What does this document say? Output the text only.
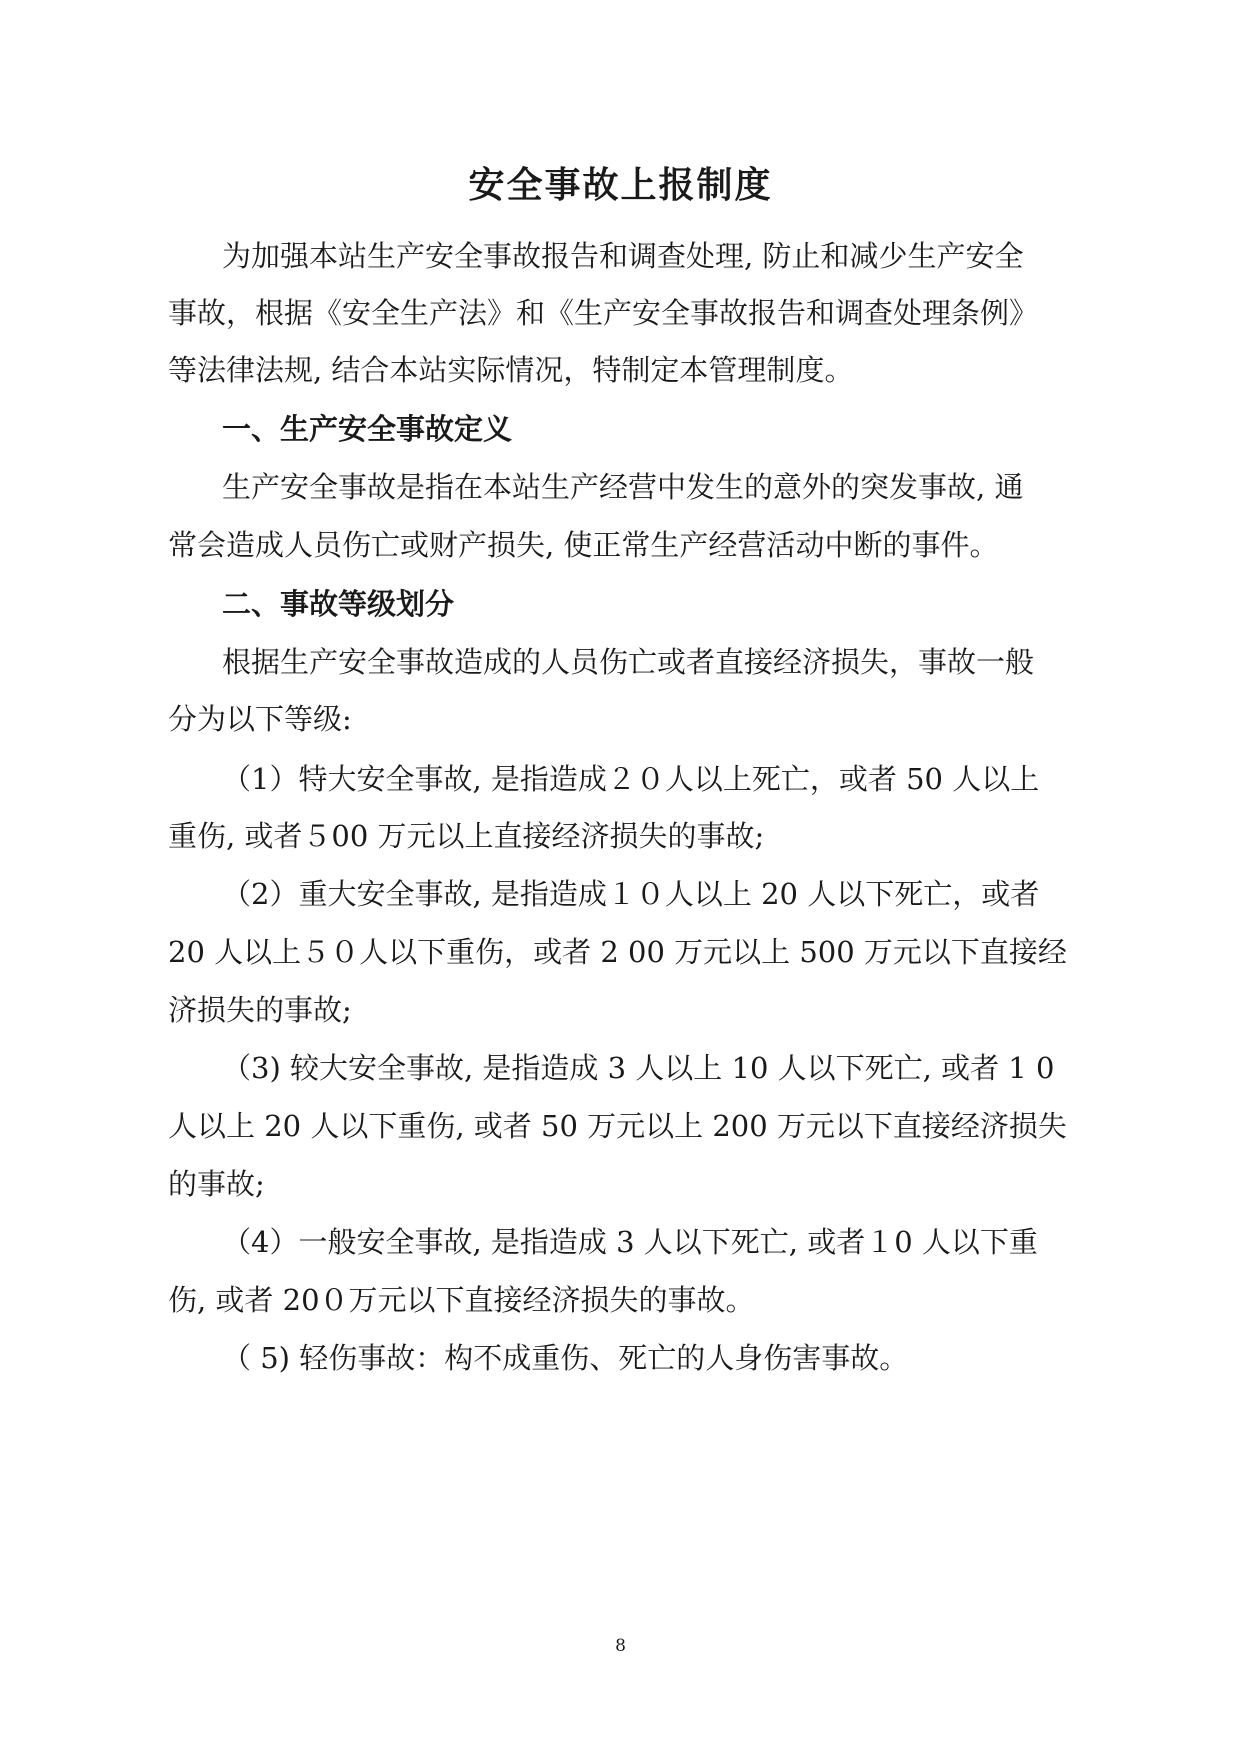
安全事故上报制度

为加强本站生产安全事故报告和调查处理, 防止和减少生产安全

事故，根据《安全生产法》和《生产安全事故报告和调查处理条例》

等法律法规, 结合本站实际情况，特制定本管理制度。

一、生产安全事故定义

生产安全事故是指在本站生产经营中发生的意外的突发事故, 通

常会造成人员伤亡或财产损失, 使正常生产经营活动中断的事件。

二、事故等级划分

根据生产安全事故造成的人员伤亡或者直接经济损失，事故一般

分为以下等级:

（1）特大安全事故, 是指造成２０人以上死亡，或者 50 人以上

重伤, 或者５00 万元以上直接经济损失的事故;

（2）重大安全事故, 是指造成１０人以上 20 人以下死亡，或者

20 人以上５０人以下重伤，或者 2 00 万元以上 500 万元以下直接经

济损失的事故;

（3) 较大安全事故, 是指造成 3 人以上 10 人以下死亡, 或者 1 0

人以上 20 人以下重伤, 或者 50 万元以上 200 万元以下直接经济损失

的事故;

（4）一般安全事故, 是指造成 3 人以下死亡, 或者１0 人以下重

伤, 或者 20０万元以下直接经济损失的事故。

（ 5) 轻伤事故：构不成重伤、死亡的人身伤害事故。

8
